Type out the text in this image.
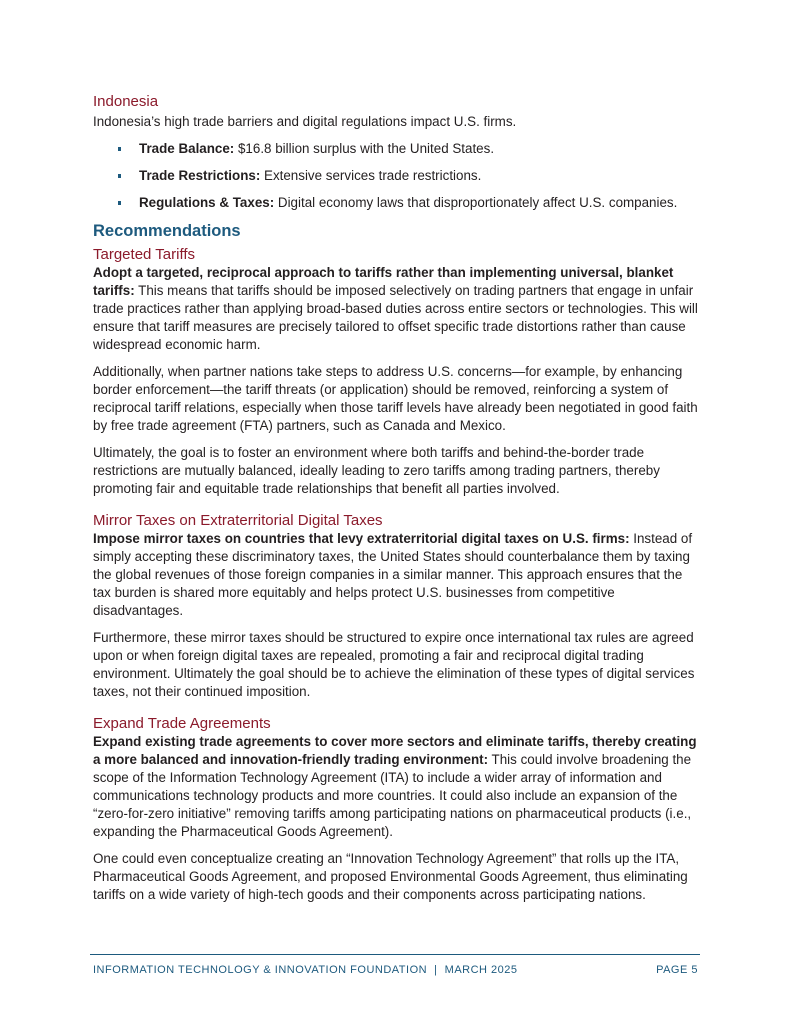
Indonesia

Indonesia’s high trade barriers and digital regulations impact U.S. firms.

Trade Balance: $16.8 billion surplus with the United States.
Trade Restrictions: Extensive services trade restrictions.
Regulations & Taxes: Digital economy laws that disproportionately affect U.S. companies.
Recommendations
Targeted Tariffs

Adopt a targeted, reciprocal approach to tariffs rather than implementing universal, blanket tariffs: This means that tariffs should be imposed selectively on trading partners that engage in unfair trade practices rather than applying broad-based duties across entire sectors or technologies. This will ensure that tariff measures are precisely tailored to offset specific trade distortions rather than cause widespread economic harm.

Additionally, when partner nations take steps to address U.S. concerns—for example, by enhancing border enforcement—the tariff threats (or application) should be removed, reinforcing a system of reciprocal tariff relations, especially when those tariff levels have already been negotiated in good faith by free trade agreement (FTA) partners, such as Canada and Mexico.

Ultimately, the goal is to foster an environment where both tariffs and behind-the-border trade restrictions are mutually balanced, ideally leading to zero tariffs among trading partners, thereby promoting fair and equitable trade relationships that benefit all parties involved.

Mirror Taxes on Extraterritorial Digital Taxes

Impose mirror taxes on countries that levy extraterritorial digital taxes on U.S. firms: Instead of simply accepting these discriminatory taxes, the United States should counterbalance them by taxing the global revenues of those foreign companies in a similar manner. This approach ensures that the tax burden is shared more equitably and helps protect U.S. businesses from competitive disadvantages.

Furthermore, these mirror taxes should be structured to expire once international tax rules are agreed upon or when foreign digital taxes are repealed, promoting a fair and reciprocal digital trading environment. Ultimately the goal should be to achieve the elimination of these types of digital services taxes, not their continued imposition.

Expand Trade Agreements

Expand existing trade agreements to cover more sectors and eliminate tariffs, thereby creating a more balanced and innovation-friendly trading environment: This could involve broadening the scope of the Information Technology Agreement (ITA) to include a wider array of information and communications technology products and more countries. It could also include an expansion of the “zero-for-zero initiative” removing tariffs among participating nations on pharmaceutical products (i.e., expanding the Pharmaceutical Goods Agreement).

One could even conceptualize creating an “Innovation Technology Agreement” that rolls up the ITA, Pharmaceutical Goods Agreement, and proposed Environmental Goods Agreement, thus eliminating tariffs on a wide variety of high-tech goods and their components across participating nations.

INFORMATION TECHNOLOGY & INNOVATION FOUNDATION  |  MARCH 2025	PAGE 5
